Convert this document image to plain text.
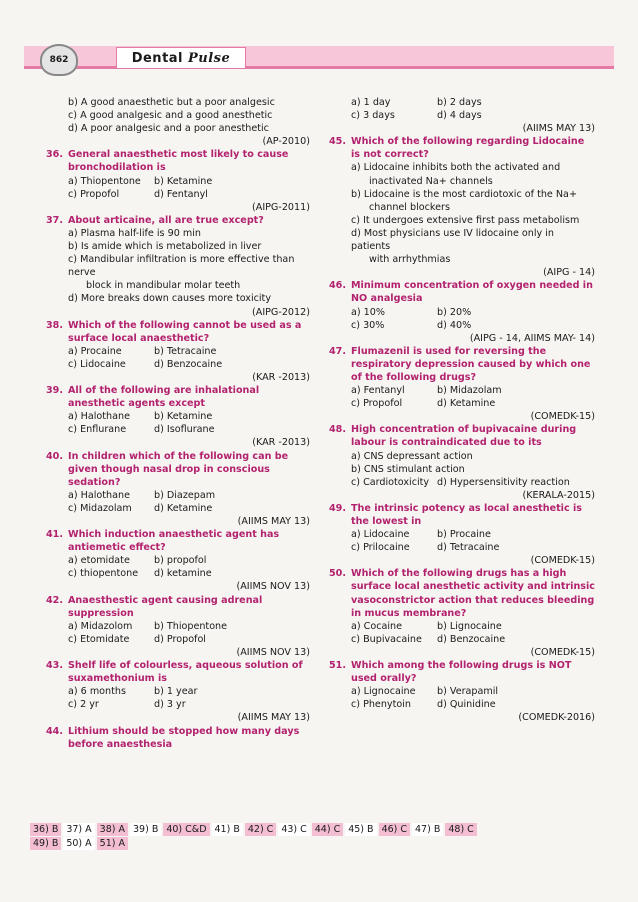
862	Dental Pulse
b) A good anaesthetic but a poor analgesic
c) A good analgesic and a good anesthetic
d) A poor analgesic and a poor anesthetic
(AP-2010)
36. General anaesthetic most likely to cause bronchodilation is
a) Thiopentone	b) Ketamine
c) Propofol	d) Fentanyl
(AIPG-2011)
37. About articaine, all are true except?
a) Plasma half-life is 90 min
b) Is amide which is metabolized in liver
c) Mandibular infiltration is more effective than nerve
block in mandibular molar teeth
d) More breaks down causes more toxicity
(AIPG-2012)
38. Which of the following cannot be used as a surface local anaesthetic?
a) Procaine	b) Tetracaine
c) Lidocaine	d) Benzocaine
(KAR -2013)
39. All of the following are inhalational anesthetic agents except
a) Halothane	b) Ketamine
c) Enflurane	d) Isoflurane
(KAR -2013)
40. In children which of the following can be given though nasal drop in conscious sedation?
a) Halothane	b) Diazepam
c) Midazolam	d) Ketamine
(AIIMS MAY 13)
41. Which induction anaesthetic agent has antiemetic effect?
a) etomidate	b) propofol
c) thiopentone	d) ketamine
(AIIMS NOV 13)
42. Anaesthestic agent causing adrenal suppression
a) Midazolom	b) Thiopentone
c) Etomidate	d) Propofol
(AIIMS NOV 13)
43. Shelf life of colourless, aqueous solution of suxamethonium is
a) 6 months	b) 1 year
c) 2 yr	d) 3 yr
(AIIMS MAY 13)
44. Lithium should be stopped how many days before anaesthesia
a) 1 day	b) 2 days
c) 3 days	d) 4 days
(AIIMS MAY 13)
45. Which of the following regarding Lidocaine is not correct?
a) Lidocaine inhibits both the activated and
inactivated Na+ channels
b) Lidocaine is the most cardiotoxic of the Na+
channel blockers
c) It undergoes extensive first pass metabolism
d) Most physicians use IV lidocaine only in patients
with arrhythmias
(AIPG - 14)
46. Minimum concentration of oxygen needed in NO analgesia
a) 10%	b) 20%
c) 30%	d) 40%
(AIPG - 14, AIIMS MAY- 14)
47. Flumazenil is used for reversing the respiratory depression caused by which one of the following drugs?
a) Fentanyl	b) Midazolam
c) Propofol	d) Ketamine
(COMEDK-15)
48. High concentration of bupivacaine during labour is contraindicated due to its
a) CNS depressant action
b) CNS stimulant action
c) Cardiotoxicity d) Hypersensitivity reaction
(KERALA-2015)
49. The intrinsic potency as local anesthetic is the lowest in
a) Lidocaine	b) Procaine
c) Prilocaine	d) Tetracaine
(COMEDK-15)
50. Which of the following drugs has a high surface local anesthetic activity and intrinsic vasoconstrictor action that reduces bleeding in mucus membrane?
a) Cocaine	b) Lignocaine
c) Bupivacaine	d) Benzocaine
(COMEDK-15)
51. Which among the following drugs is NOT used orally?
a) Lignocaine	b) Verapamil
c) Phenytoin	d) Quinidine
(COMEDK-2016)
36) B 37) A 38) A 39) B 40) C&D 41) B 42) C 43) C 44) C 45) B 46) C 47) B 48) C
49) B 50) A 51) A
